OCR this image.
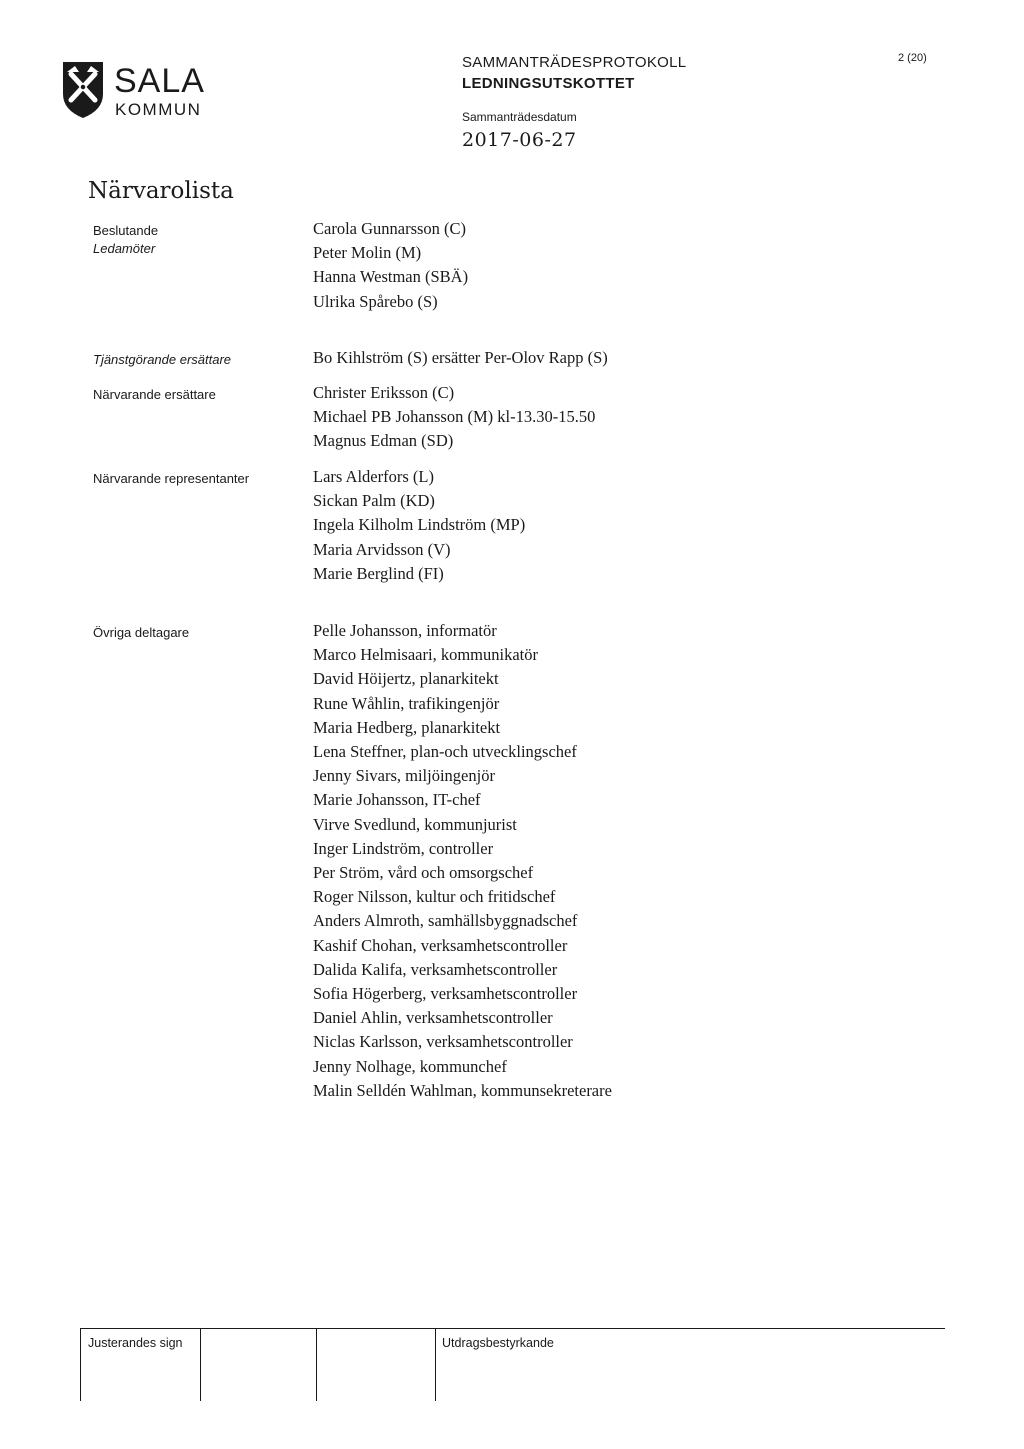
SALA
KOMMUN
SAMMANTRÄDESPROTOKOLL
LEDNINGSUTSKOTTET
Sammanträdesdatum
2017-06-27
2 (20)
Närvarolista
Beslutande
Ledamöter
Carola Gunnarsson (C)
Peter Molin (M)
Hanna Westman (SBÄ)
Ulrika Spårebo (S)
Tjänstgörande ersättare	Bo Kihlström (S) ersätter Per-Olov Rapp (S)
Närvarande ersättare	Christer Eriksson (C)
Michael PB Johansson (M) kl-13.30-15.50
Magnus Edman (SD)
Närvarande representanter	Lars Alderfors (L)
Sickan Palm (KD)
Ingela Kilholm Lindström (MP)
Maria Arvidsson (V)
Marie Berglind (FI)
Övriga deltagare	Pelle Johansson, informatör
Marco Helmisaari, kommunikatör
David Höijertz, planarkitekt
Rune Wåhlin, trafikingenjör
Maria Hedberg, planarkitekt
Lena Steffner, plan-och utvecklingschef
Jenny Sivars, miljöingenjör
Marie Johansson, IT-chef
Virve Svedlund, kommunjurist
Inger Lindström, controller
Per Ström, vård och omsorgschef
Roger Nilsson, kultur och fritidschef
Anders Almroth, samhällsbyggnadschef
Kashif Chohan, verksamhetscontroller
Dalida Kalifa, verksamhetscontroller
Sofia Högerberg, verksamhetscontroller
Daniel Ahlin, verksamhetscontroller
Niclas Karlsson, verksamhetscontroller
Jenny Nolhage, kommunchef
Malin Selldén Wahlman, kommunsekreterare
Justerandes sign	Utdragsbestyrkande
